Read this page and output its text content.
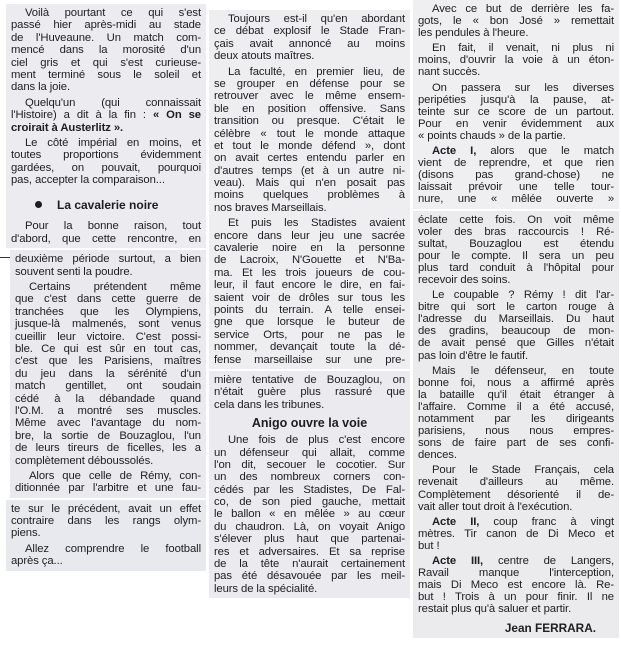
Voilà pourtant ce qui s'est
passé hier après-midi au stade
de l'Huveaune. Un match com-
mencé dans la morosité d'un
ciel gris et qui s'est curieuse-
ment terminé sous le soleil et
dans la joie.
Quelqu'un (qui connaissait
l'Histoire) a dit à la fin : « On se
croirait à Austerlitz ».
Le côté impérial en moins, et
toutes proportions évidemment
gardées, on pouvait, pourquoi
pas, accepter la comparaison...
La cavalerie noire
Pour la bonne raison, tout
d'abord, que cette rencontre, en
deuxième période surtout, a bien
souvent senti la poudre.
Certains prétendent même
que c'est dans cette guerre de
tranchées que les Olympiens,
jusque-là malmenés, sont venus
cueillir leur victoire. C'est possi-
ble. Ce qui est sûr en tout cas,
c'est que les Parisiens, maîtres
du jeu dans la sérénité d'un
match gentillet, ont soudain
cédé à la débandade quand
l'O.M. a montré ses muscles.
Même avec l'avantage du nom-
bre, la sortie de Bouzaglou, l'un
de leurs tireurs de ficelles, les a
complètement déboussolés.
Alors que celle de Rémy, con-
ditionnée par l'arbitre et une fau-
te sur le précédent, avait un effet
contraire dans les rangs olym-
piens.
Allez comprendre le football
après ça...
Toujours est-il qu'en abordant
ce débat explosif le Stade Fran-
çais avait annoncé au moins
deux atouts maîtres.
La faculté, en premier lieu, de
se grouper en défense pour se
retrouver avec le même ensem-
ble en position offensive. Sans
transition ou presque. C'était le
célèbre « tout le monde attaque
et tout le monde défend », dont
on avait certes entendu parler en
d'autres temps (et à un autre ni-
veau). Mais qui n'en posait pas
moins quelques problèmes à
nos braves Marseillais.
Et puis les Stadistes avaient
encore dans leur jeu une sacrée
cavalerie noire en la personne
de Lacroix, N'Gouette et N'Ba-
ma. Et les trois joueurs de cou-
leur, il faut encore le dire, en fai-
saient voir de drôles sur tous les
points du terrain. A telle ensei-
gne que lorsque le buteur de
service Orts, pour ne pas le
nommer, devançait toute la dé-
fense marseillaise sur une pre-
mière tentative de Bouzaglou, on
n'était guère plus rassuré que
cela dans les tribunes.
Anigo ouvre la voie
Une fois de plus c'est encore
un défenseur qui allait, comme
l'on dit, secouer le cocotier. Sur
un des nombreux corners con-
cédés par les Stadistes, De Fal-
co, de son pied gauche, mettait
le ballon « en mêlée » au cœur
du chaudron. Là, on voyait Anigo
s'élever plus haut que partenai-
res et adversaires. Et sa reprise
de la tête n'aurait certainement
pas été désavouée par les meil-
leurs de la spécialité.
Avec ce but de derrière les fa-
gots, le « bon José » remettait
les pendules à l'heure.
En fait, il venait, ni plus ni
moins, d'ouvrir la voie à un éton-
nant succès.
On passera sur les diverses
peripéties jusqu'à la pause, at-
teinte sur ce score de un partout.
Pour en venir évidemment aux
« points chauds » de la partie.
Acte I, alors que le match
vient de reprendre, et que rien
(disons pas grand-chose) ne
laissait prévoir une telle tour-
nure, une « mêlée ouverte »
éclate cette fois. On voit même
voler des bras raccourcis ! Ré-
sultat, Bouzaglou est étendu
pour le compte. Il sera un peu
plus tard conduit à l'hôpital pour
recevoir des soins.
Le coupable ? Rémy ! dit l'ar-
bitre qui sort le carton rouge à
l'adresse du Marseillais. Du haut
des gradins, beaucoup de mon-
de avait pensé que Gilles n'était
pas loin d'être le fautif.
Mais le défenseur, en toute
bonne foi, nous a affirmé après
la bataille qu'il était étranger à
l'affaire. Comme il a été accusé,
notamment par les dirigeants
parisiens, nous nous empres-
sons de faire part de ses confi-
dences.
Pour le Stade Français, cela
revenait d'ailleurs au même.
Complètement désorienté il de-
vait aller tout droit à l'exécution.
Acte II, coup franc à vingt
mètres. Tir canon de Di Meco et
but !
Acte III, centre de Langers,
Ravail manque l'interception,
mais Di Meco est encore là. Re-
but ! Trois à un pour finir. Il ne
restait plus qu'à saluer et partir.
Jean FERRARA.
